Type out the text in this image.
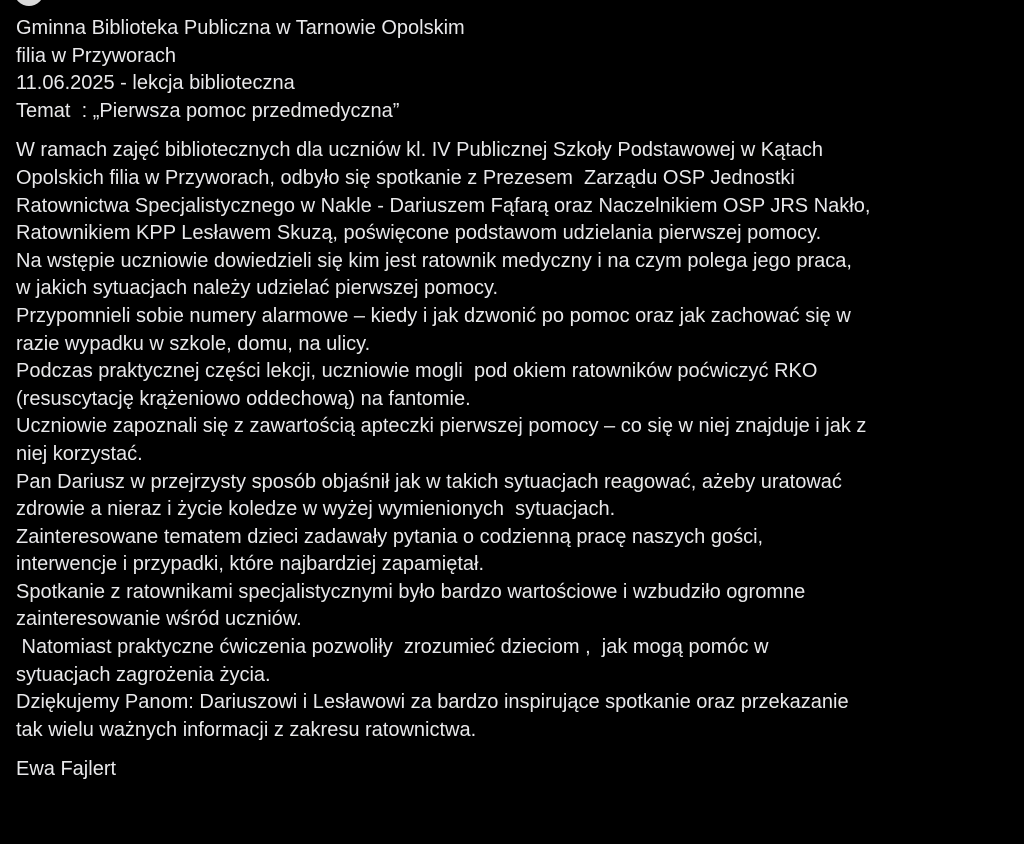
Gminna Biblioteka Publiczna w Tarnowie Opolskim
filia w Przyworach
11.06.2025 - lekcja biblioteczna
Temat  : „Pierwsza pomoc przedmedyczna”
W ramach zajęć bibliotecznych dla uczniów kl. IV Publicznej Szkoły Podstawowej w Kątach
Opolskich filia w Przyworach, odbyło się spotkanie z Prezesem  Zarządu OSP Jednostki
Ratownictwa Specjalistycznego w Nakle - Dariuszem Fąfarą oraz Naczelnikiem OSP JRS Nakło,
Ratownikiem KPP Lesławem Skuzą, poświęcone podstawom udzielania pierwszej pomocy.
Na wstępie uczniowie dowiedzieli się kim jest ratownik medyczny i na czym polega jego praca,
w jakich sytuacjach należy udzielać pierwszej pomocy.
Przypomnieli sobie numery alarmowe – kiedy i jak dzwonić po pomoc oraz jak zachować się w
razie wypadku w szkole, domu, na ulicy.
Podczas praktycznej części lekcji, uczniowie mogli  pod okiem ratowników poćwiczyć RKO
(resuscytację krążeniowo oddechową) na fantomie.
Uczniowie zapoznali się z zawartością apteczki pierwszej pomocy – co się w niej znajduje i jak z
niej korzystać.
Pan Dariusz w przejrzysty sposób objaśnił jak w takich sytuacjach reagować, ażeby uratować
zdrowie a nieraz i życie koledze w wyżej wymienionych  sytuacjach.
Zainteresowane tematem dzieci zadawały pytania o codzienną pracę naszych gości,
interwencje i przypadki, które najbardziej zapamiętał.
Spotkanie z ratownikami specjalistycznymi było bardzo wartościowe i wzbudziło ogromne
zainteresowanie wśród uczniów.
Natomiast praktyczne ćwiczenia pozwoliły  zrozumieć dzieciom ,  jak mogą pomóc w
sytuacjach zagrożenia życia.
Dziękujemy Panom: Dariuszowi i Lesławowi za bardzo inspirujące spotkanie oraz przekazanie
tak wielu ważnych informacji z zakresu ratownictwa.
Ewa Fajlert
